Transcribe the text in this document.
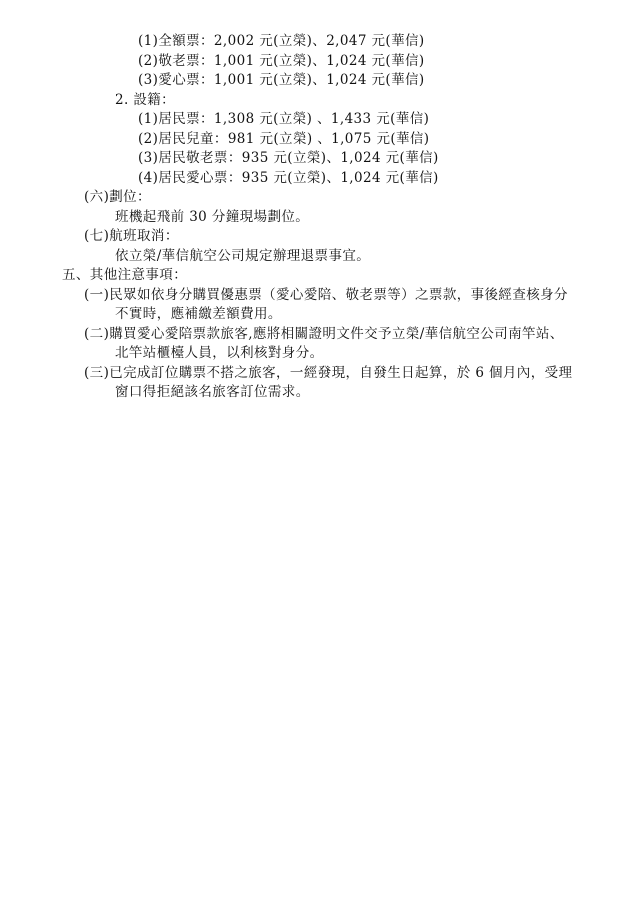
(1)全額票：2,002 元(立榮)、2,047 元(華信)
(2)敬老票：1,001 元(立榮)、1,024 元(華信)
(3)愛心票：1,001 元(立榮)、1,024 元(華信)
2. 設籍：
(1)居民票：1,308 元(立榮) 、1,433 元(華信)
(2)居民兒童：981 元(立榮) 、1,075 元(華信)
(3)居民敬老票：935 元(立榮)、1,024 元(華信)
(4)居民愛心票：935 元(立榮)、1,024 元(華信)
(六)劃位：
班機起飛前 30 分鐘現場劃位。
(七)航班取消：
依立榮/華信航空公司規定辦理退票事宜。
五、其他注意事項：
(一)民眾如依身分購買優惠票（愛心愛陪、敬老票等）之票款，事後經查核身分
不實時，應補繳差額費用。
(二)購買愛心愛陪票款旅客,應將相關證明文件交予立榮/華信航空公司南竿站、
北竿站櫃檯人員，以利核對身分。
(三)已完成訂位購票不搭之旅客，一經發現，自發生日起算，於 6 個月內，受理
窗口得拒絕該名旅客訂位需求。
